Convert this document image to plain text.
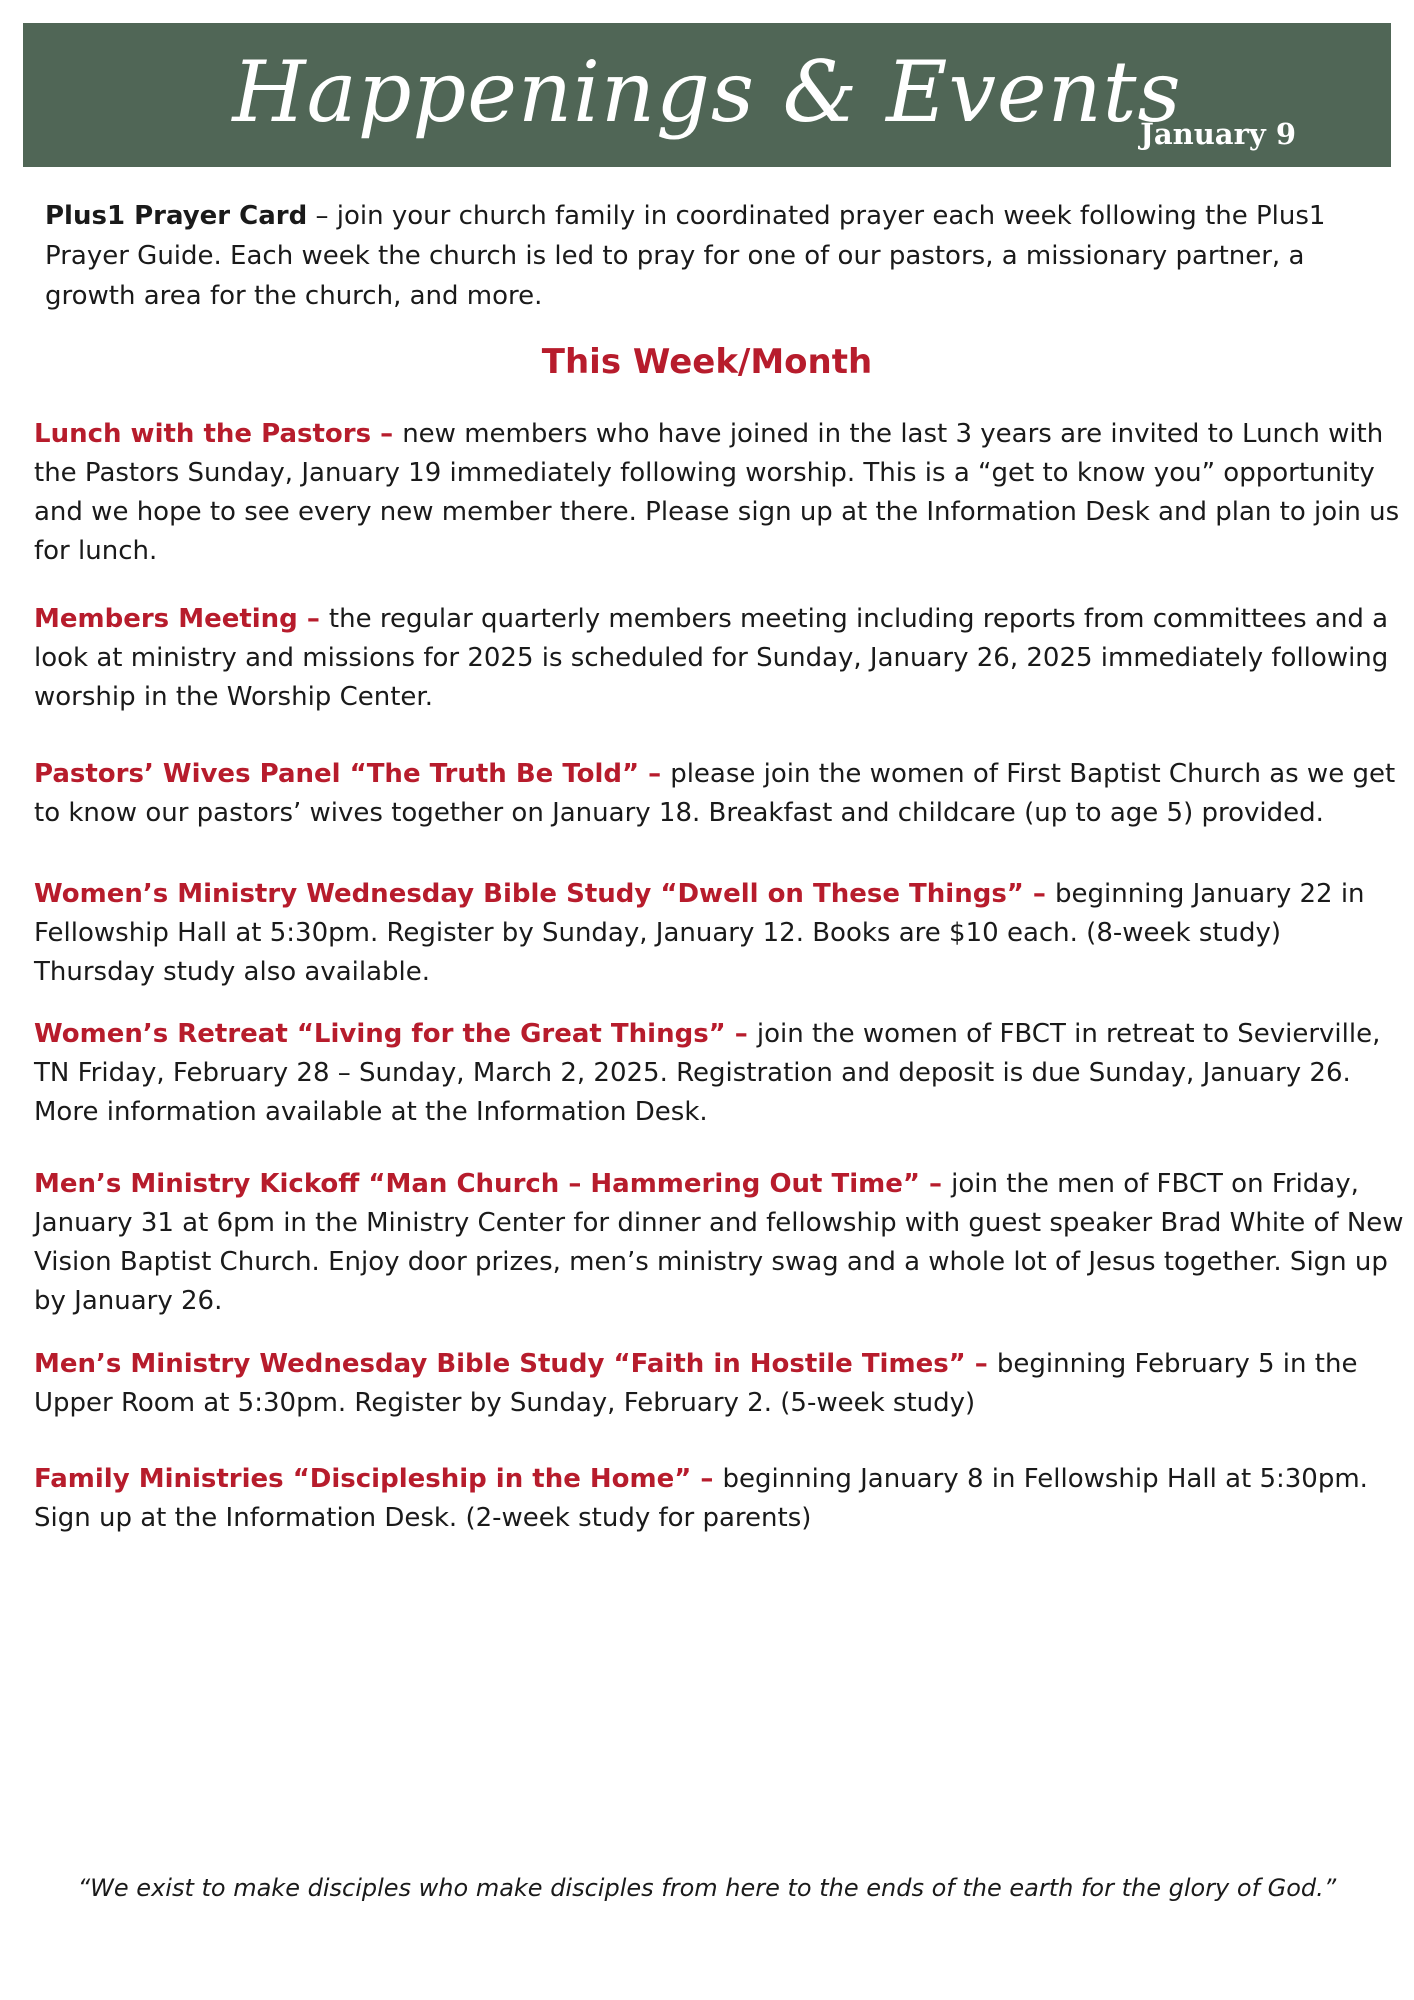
Happenings & Events
January 9

Plus1 Prayer Card – join your church family in coordinated prayer each week following the Plus1 Prayer Guide. Each week the church is led to pray for one of our pastors, a missionary partner, a growth area for the church, and more.

This Week/Month

Lunch with the Pastors – new members who have joined in the last 3 years are invited to Lunch with the Pastors Sunday, January 19 immediately following worship. This is a “get to know you” opportunity and we hope to see every new member there. Please sign up at the Information Desk and plan to join us for lunch.

Members Meeting – the regular quarterly members meeting including reports from committees and a look at ministry and missions for 2025 is scheduled for Sunday, January 26, 2025 immediately following worship in the Worship Center.

Pastors’ Wives Panel “The Truth Be Told” – please join the women of First Baptist Church as we get to know our pastors’ wives together on January 18. Breakfast and childcare (up to age 5) provided.

Women’s Ministry Wednesday Bible Study “Dwell on These Things” – beginning January 22 in Fellowship Hall at 5:30pm. Register by Sunday, January 12. Books are $10 each. (8-week study) Thursday study also available.

Women’s Retreat “Living for the Great Things” – join the women of FBCT in retreat to Sevierville, TN Friday, February 28 – Sunday, March 2, 2025. Registration and deposit is due Sunday, January 26. More information available at the Information Desk.

Men’s Ministry Kickoff “Man Church – Hammering Out Time” – join the men of FBCT on Friday, January 31 at 6pm in the Ministry Center for dinner and fellowship with guest speaker Brad White of New Vision Baptist Church. Enjoy door prizes, men’s ministry swag and a whole lot of Jesus together. Sign up by January 26.

Men’s Ministry Wednesday Bible Study “Faith in Hostile Times” – beginning February 5 in the Upper Room at 5:30pm. Register by Sunday, February 2. (5-week study)

Family Ministries “Discipleship in the Home” – beginning January 8 in Fellowship Hall at 5:30pm. Sign up at the Information Desk. (2-week study for parents)

“We exist to make disciples who make disciples from here to the ends of the earth for the glory of God.”
